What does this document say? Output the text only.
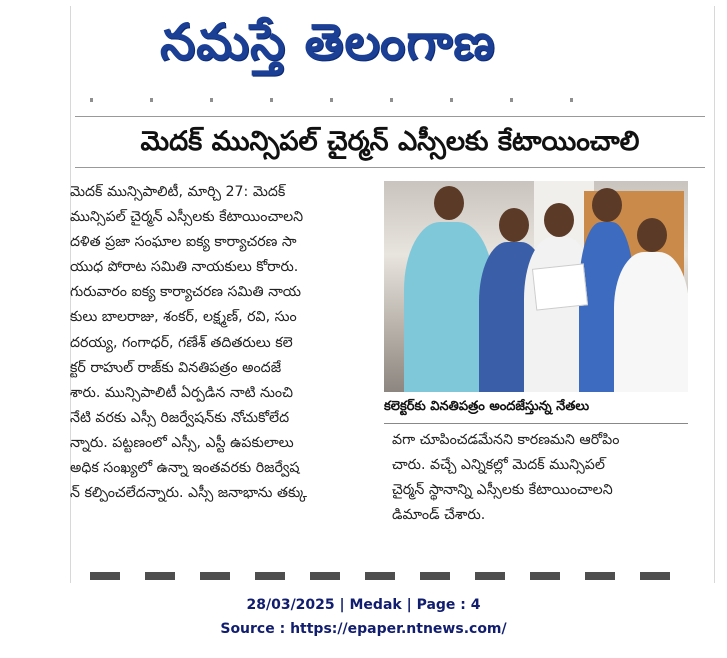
నమస్తే తెలంగాణ
మెదక్ మున్సిపల్ చైర్మన్ ఎస్సీలకు కేటాయించాలి
మెదక్ మున్సిపాలిటీ, మార్చి 27: మెదక్
మున్సిపల్ చైర్మన్ ఎస్సీలకు కేటాయించాలని
దళిత ప్రజా సంఘాల ఐక్య కార్యాచరణ సా
యుధ పోరాట సమితి నాయకులు కోరారు.
గురువారం ఐక్య కార్యాచరణ సమితి నాయ
కులు బాలరాజు, శంకర్, లక్ష్మణ్, రవి, సుం
దరయ్య, గంగాధర్, గణేశ్ తదితరులు కలె
క్టర్ రాహుల్ రాజ్‌కు వినతిపత్రం అందజే
శారు. మున్సిపాలిటీ ఏర్పడిన నాటి నుంచి
నేటి వరకు ఎస్సీ రిజర్వేషన్‌కు నోచుకోలేద
న్నారు. పట్టణంలో ఎస్సీ, ఎస్టీ ఉపకులాలు
అధిక సంఖ్యలో ఉన్నా ఇంతవరకు రిజర్వేష
న్ కల్పించలేదన్నారు. ఎస్సీ జనాభాను తక్కు
కలెక్టర్‌కు వినతిపత్రం అందజేస్తున్న నేతలు
వగా చూపించడమేనని కారణమని ఆరోపిం
చారు. వచ్చే ఎన్నికల్లో మెదక్ మున్సిపల్
చైర్మన్ స్థానాన్ని ఎస్సీలకు కేటాయించాలని
డిమాండ్ చేశారు.
28/03/2025 | Medak | Page : 4
Source : https://epaper.ntnews.com/
